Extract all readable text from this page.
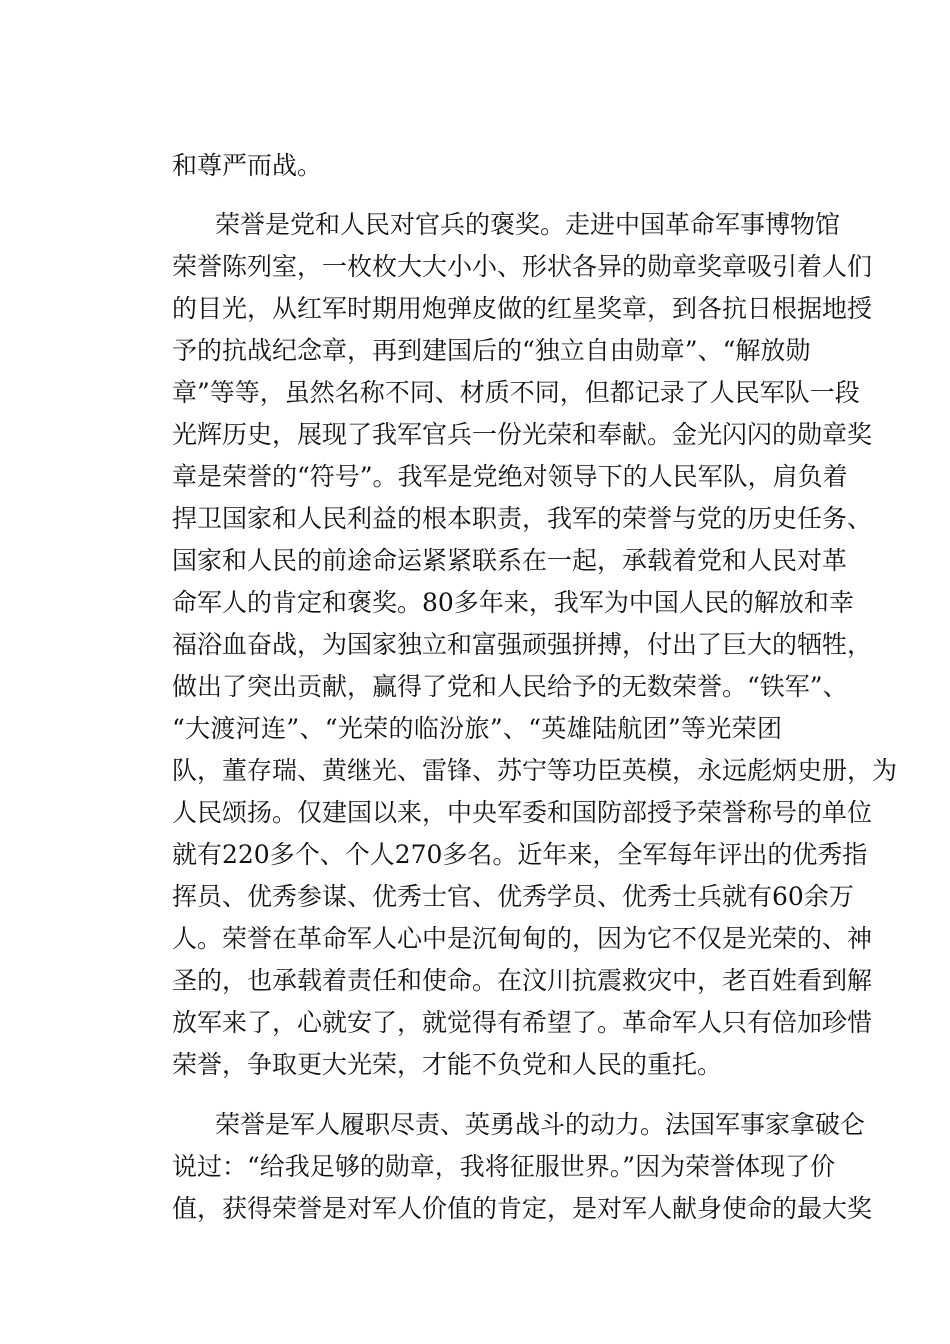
和尊严而战。
荣誉是党和人民对官兵的褒奖。走进中国革命军事博物馆
荣誉陈列室，一枚枚大大小小、形状各异的勋章奖章吸引着人们
的目光，从红军时期用炮弹皮做的红星奖章，到各抗日根据地授
予的抗战纪念章，再到建国后的“独立自由勋章”、“解放勋
章”等等，虽然名称不同、材质不同，但都记录了人民军队一段
光辉历史，展现了我军官兵一份光荣和奉献。金光闪闪的勋章奖
章是荣誉的“符号”。我军是党绝对领导下的人民军队，肩负着
捍卫国家和人民利益的根本职责，我军的荣誉与党的历史任务、
国家和人民的前途命运紧紧联系在一起，承载着党和人民对革
命军人的肯定和褒奖。80多年来，我军为中国人民的解放和幸
福浴血奋战，为国家独立和富强顽强拼搏，付出了巨大的牺牲，
做出了突出贡献，赢得了党和人民给予的无数荣誉。“铁军”、
“大渡河连”、“光荣的临汾旅”、“英雄陆航团”等光荣团
队，董存瑞、黄继光、雷锋、苏宁等功臣英模，永远彪炳史册，为
人民颂扬。仅建国以来，中央军委和国防部授予荣誉称号的单位
就有220多个、个人270多名。近年来，全军每年评出的优秀指
挥员、优秀参谋、优秀士官、优秀学员、优秀士兵就有60余万
人。荣誉在革命军人心中是沉甸甸的，因为它不仅是光荣的、神
圣的，也承载着责任和使命。在汶川抗震救灾中，老百姓看到解
放军来了，心就安了，就觉得有希望了。革命军人只有倍加珍惜
荣誉，争取更大光荣，才能不负党和人民的重托。
荣誉是军人履职尽责、英勇战斗的动力。法国军事家拿破仑
说过：“给我足够的勋章，我将征服世界。”因为荣誉体现了价
值，获得荣誉是对军人价值的肯定，是对军人献身使命的最大奖
